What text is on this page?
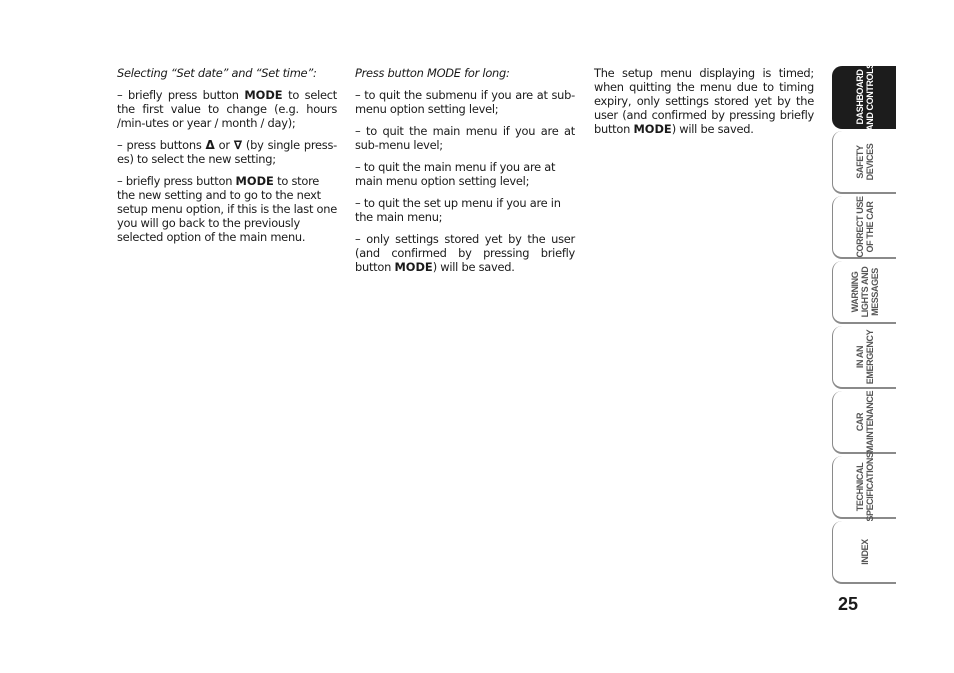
Selecting “Set date” and “Set time”:

– briefly press button MODE to select the first value to change (e.g. hours /min-utes or year / month / day);

– press buttons Δ or ∇ (by single press-es) to select the new setting;

– briefly press button MODE to store the new setting and to go to the next setup menu option, if this is the last one you will go back to the previously selected option of the main menu.

Press button MODE for long:

– to quit the submenu if you are at sub-menu option setting level;

– to quit the main menu if you are at sub-menu level;

– to quit the main menu if you are at main menu option setting level;

– to quit the set up menu if you are in the main menu;

– only settings stored yet by the user (and confirmed by pressing briefly button MODE) will be saved.

The setup menu displaying is timed; when quitting the menu due to timing expiry, only settings stored yet by the user (and confirmed by pressing briefly button MODE) will be saved.

DASHBOARD
AND CONTROLS
SAFETY
DEVICES
CORRECT USE
OF THE CAR
WARNING
LIGHTS AND
MESSAGES
IN AN
EMERGENCY
CAR
MAINTENANCE
TECHNICAL
SPECIFICATIONS
INDEX
25
